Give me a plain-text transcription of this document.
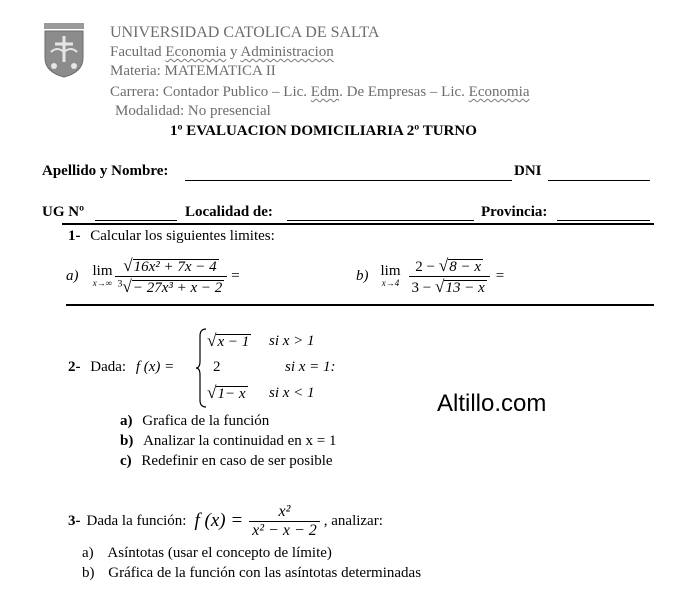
UNIVERSIDAD CATOLICA DE SALTA
Facultad Economia y Administracion
Materia: MATEMATICA II
Carrera: Contador Publico – Lic. Edm. De Empresas – Lic. Economia
Modalidad: No presencial
1º EVALUACION DOMICILIARIA 2º TURNO
Apellido y Nombre:	DNI
UG Nº	Localidad de:	Provincia:
1- Calcular los siguientes limites:
a) lim
$x\to\infty \frac{\text{√16x² + 7x − 4}}{^3√- 27x^3 + x - 2}$ =	b) lim
$x\to 4 \frac{2 - √8 - x}{3 - √13 - x}$ =
2- Dada: f (x) =
√x − 1	si x > 1
2	si x = 1:
√1− x	si x < 1
a) Grafica de la función
b) Analizar la continuidad en x = 1
c) Redefinir en caso de ser posible
Altillo.com
3- Dada la función: f $(x) = \frac{\text{x²}}{\text{x² − x − 2}}$ , analizar:
a) Asíntotas (usar el concepto de límite)
b) Gráfica de la función con las asíntotas determinadas
